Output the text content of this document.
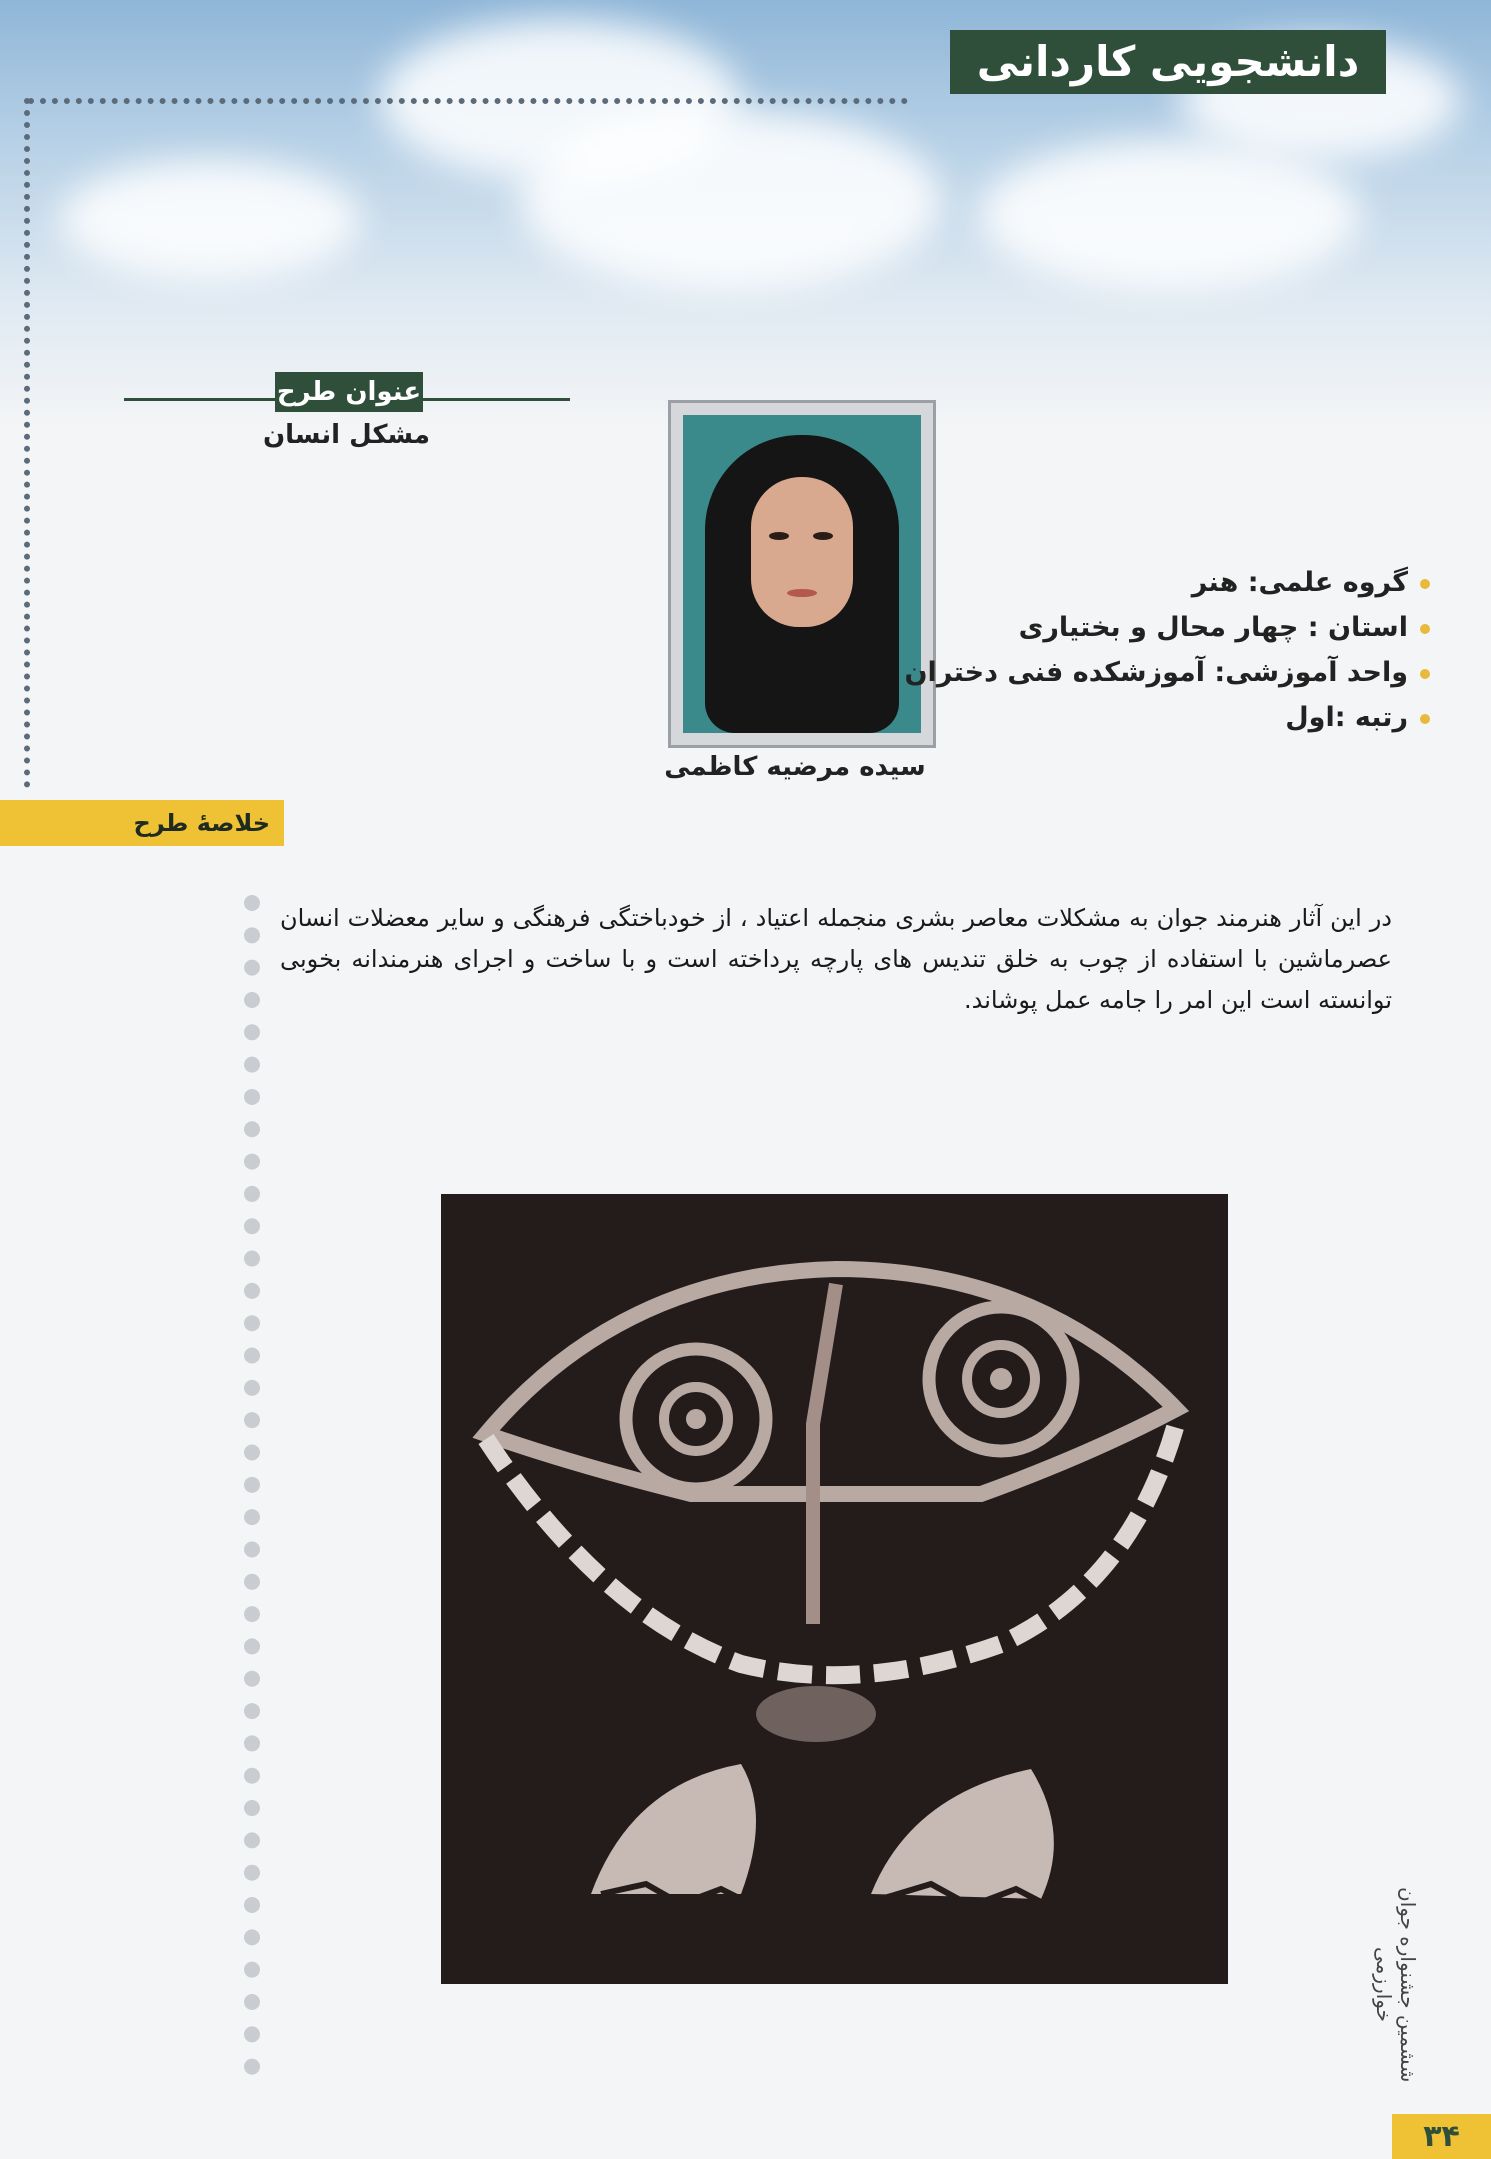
دانشجویی کاردانی
عنوان طرح
مشکل انسان
سیده مرضیه کاظمی
گروه علمی: هنر
استان : چهار محال و بختیاری
واحد آموزشی: آموزشکده فنی دختران
رتبه :اول
خلاصهٔ طرح
در این آثار هنرمند جوان به مشکلات معاصر بشری منجمله اعتیاد ، از خودباختگی فرهنگی و سایر معضلات انسان عصرماشین با استفاده از چوب به خلق تندیس های پارچه پرداخته است و با ساخت و اجرای هنرمندانه بخوبی توانسته است این امر را جامه عمل پوشاند.
ششمین جشنواره جوان خوارزمی
۳۴
